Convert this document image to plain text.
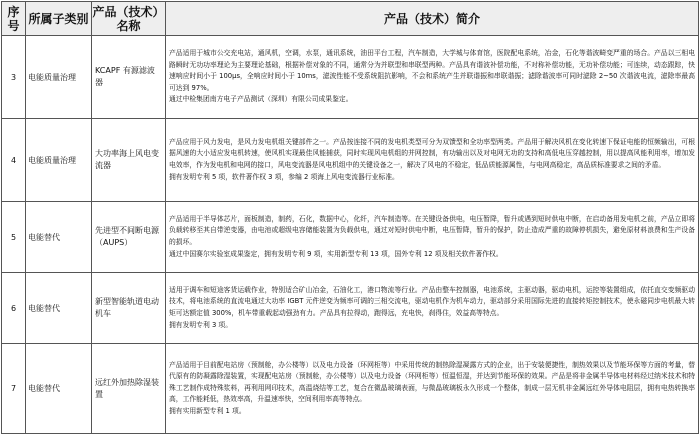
序号	所属子类别	产品（技术）名称	产品（技术）简介
3	电能质量治理	KCAPF 有源滤波器	产品适用于城市公交充电站，通风机，空调，水泵，通讯系统，油田平台工程，汽车制造，大学城与体育馆，医院配电系统，冶金，石化等谐波畸变严重的场合。产品以三相电路瞬时无功功率理论为主要理论基础，根据补偿对象的不同，通常分为并联型和串联型两种。产品具有谐波补偿功能，不对称补偿功能，无功补偿功能；可连续，动态跟踪，快速响应时间小于 100μs，全响应时间小于 10ms，滤波性能不受系统阻抗影响，不会和系统产生并联谐振和串联谐振；滤除谐波率可同时滤除 2~50 次谐波电流，滤除率最高可达到 97%。

通过中检集团南方电子产品测试（深圳）有限公司成果鉴定。

4	电能质量治理	大功率海上风电变流器	产品应用于风力发电，是风力发电机组关键部件之一。产品按连接不同的发电机类型可分为双馈型和全功率型两类。产品用于解决风机在变化转速下保证电能的恒频输出，可根据风速的大小适应发电机转速，使风机实现最佳风能捕获，同时实现风电机组的并网控制，有功输出以及对电网无功的支持和高低电压穿越控制，用以提高风能利用率，增加发电效率，作为发电机和电网的接口，风电变流器是风电机组中的关键设备之一，解决了风电的不稳定，低品质能源属性，与电网高稳定，高品质标准要求之间的矛盾。

拥有发明专利 5 项，软件著作权 3 项，参编 2 项海上风电变流器行业标准。

5	电能替代	先进型不间断电源（AUPS）	产品适用于半导体芯片，面板制造，制药，石化，数据中心，化纤，汽车制造等。在关键设备供电，电压暂降，暂升或遇到短时供电中断，在启动备用发电机之前，产品立即将负载转移至其自带逆变器，由电池或超级电容储能装置为负载供电，通过对短时供电中断，电压暂降，暂升的保护，防止造成严重的故障停机损失，避免原材料浪费和生产设备的损坏。

通过中国赛尔实验室成果鉴定，拥有发明专利 9 项，实用新型专利 13 项，国外专利 12 项及相关软件著作权。

6	电能替代	新型智能轨道电动机车	适用于调车和短途客货运载作业，特别适合矿山冶金，石油化工，港口物流等行业。产品由整车控制器，电池系统，主驱动器，驱动电机，运控等装置组成，依托直交变频驱动技术，将电池系统的直流电通过大功率 IGBT 元件逆变为频率可调的三相交流电，驱动电机作为机车动力，驱动部分采用国际先进的直接转矩控制技术，使永磁同步电机最大转矩可达额定值 300%，机车带重载起动强劲有力。产品具有拉得动，跑得远，充电快，刹得住，效益高等特点。

拥有发明专利 3 项。

7	电能替代	远红外加热除湿装置	产品适用于目前配电站房（预制舱，办公楼等）以及电力设备（环网柜等）中采用传统的制热除湿凝露方式的企业，出于安装便捷性，制热效果以及节能环保等方面的考量，替代原有的防凝露除湿装置，实现配电站房（预制舱，办公楼等）以及电力设备（环网柜等）恒温恒湿，并达到节能环保的效果。产品是将非金属半导体电材料经过纳米技术和特殊工艺制作成特殊浆料，再利用网印技术，高温烧结等工艺，复合在微晶玻璃表面，与微晶玻璃板永久形成一个整体，制成一层无机非金属远红外导体电阻层，拥有电热转换率高，工作能耗低，热效率高，升温速率快，空间利用率高等特点。

拥有实用新型专利 1 项。
